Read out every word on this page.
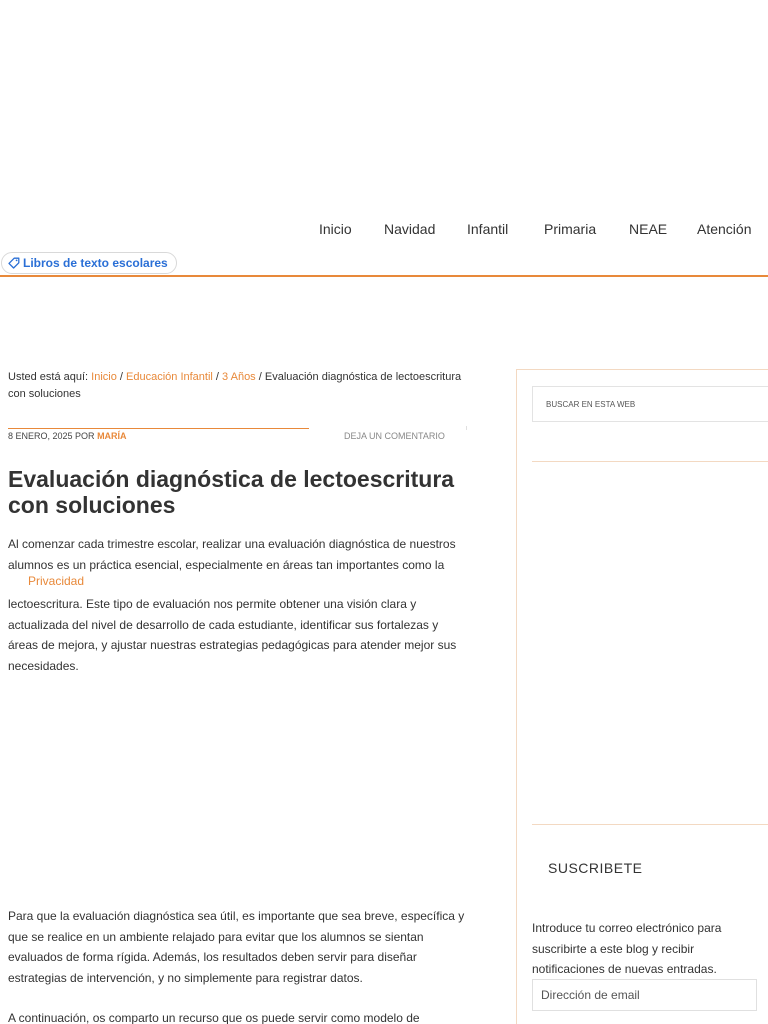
Inicio Navidad Infantil	Primaria NEAE Atención
Libros de texto escolares
Usted está aquí: Inicio / Educación Infantil / 3 Años / Evaluación diagnóstica de lectoescritura con soluciones
8 ENERO, 2025 POR MARÍA	DEJA UN COMENTARIO
Evaluación diagnóstica de lectoescritura con soluciones

Al comenzar cada trimestre escolar, realizar una evaluación diagnóstica de nuestros alumnos es un práctica esencial, especialmente en áreas tan importantes como la

Privacidad

lectoescritura. Este tipo de evaluación nos permite obtener una visión clara y actualizada del nivel de desarrollo de cada estudiante, identificar sus fortalezas y áreas de mejora, y ajustar nuestras estrategias pedagógicas para atender mejor sus necesidades.

Para que la evaluación diagnóstica sea útil, es importante que sea breve, específica y que se realice en un ambiente relajado para evitar que los alumnos se sientan evaluados de forma rígida. Además, los resultados deben servir para diseñar estrategias de intervención, y no simplemente para registrar datos.

A continuación, os comparto un recurso que os puede servir como modelo de

BUSCAR EN ESTA WEB
SUSCRIBETE

Introduce tu correo electrónico para suscribirte a este blog y recibir notificaciones de nuevas entradas.

Dirección de email
